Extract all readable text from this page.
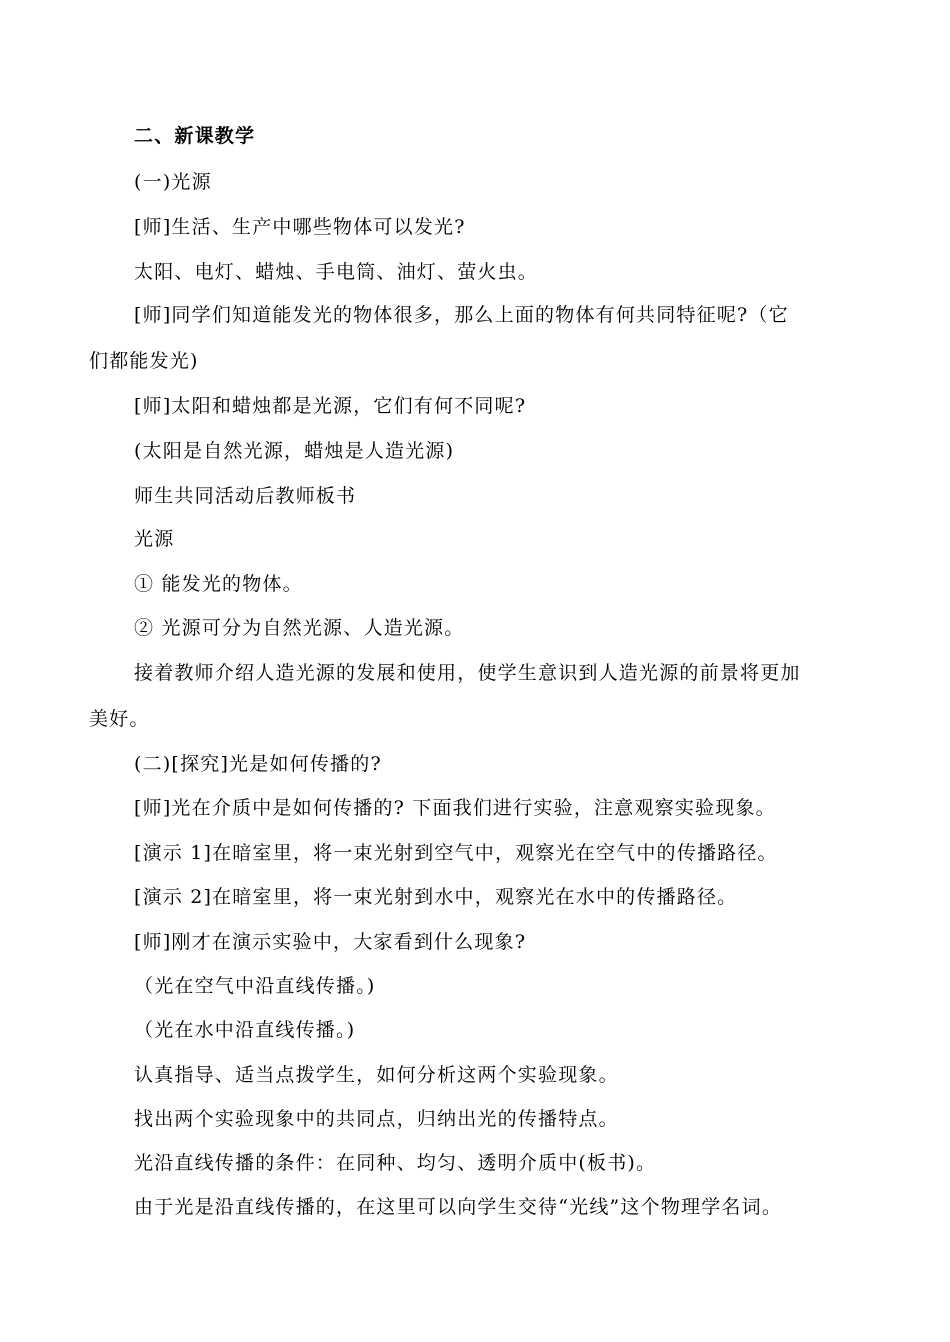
二、新课教学
(一)光源
[师]生活、生产中哪些物体可以发光?
太阳、电灯、蜡烛、手电筒、油灯、萤火虫。
[师]同学们知道能发光的物体很多，那么上面的物体有何共同特征呢?（它
们都能发光)
[师]太阳和蜡烛都是光源，它们有何不同呢?
(太阳是自然光源，蜡烛是人造光源)
师生共同活动后教师板书
光源
① 能发光的物体。
② 光源可分为自然光源、人造光源。
接着教师介绍人造光源的发展和使用，使学生意识到人造光源的前景将更加
美好。
(二)[探究]光是如何传播的?
[师]光在介质中是如何传播的? 下面我们进行实验，注意观察实验现象。
[演示 1]在暗室里，将一束光射到空气中，观察光在空气中的传播路径。
[演示 2]在暗室里，将一束光射到水中，观察光在水中的传播路径。
[师]刚才在演示实验中，大家看到什么现象?
（光在空气中沿直线传播。)
（光在水中沿直线传播。)
认真指导、适当点拨学生，如何分析这两个实验现象。
找出两个实验现象中的共同点，归纳出光的传播特点。
光沿直线传播的条件：在同种、均匀、透明介质中(板书)。
由于光是沿直线传播的，在这里可以向学生交待“光线”这个物理学名词。
